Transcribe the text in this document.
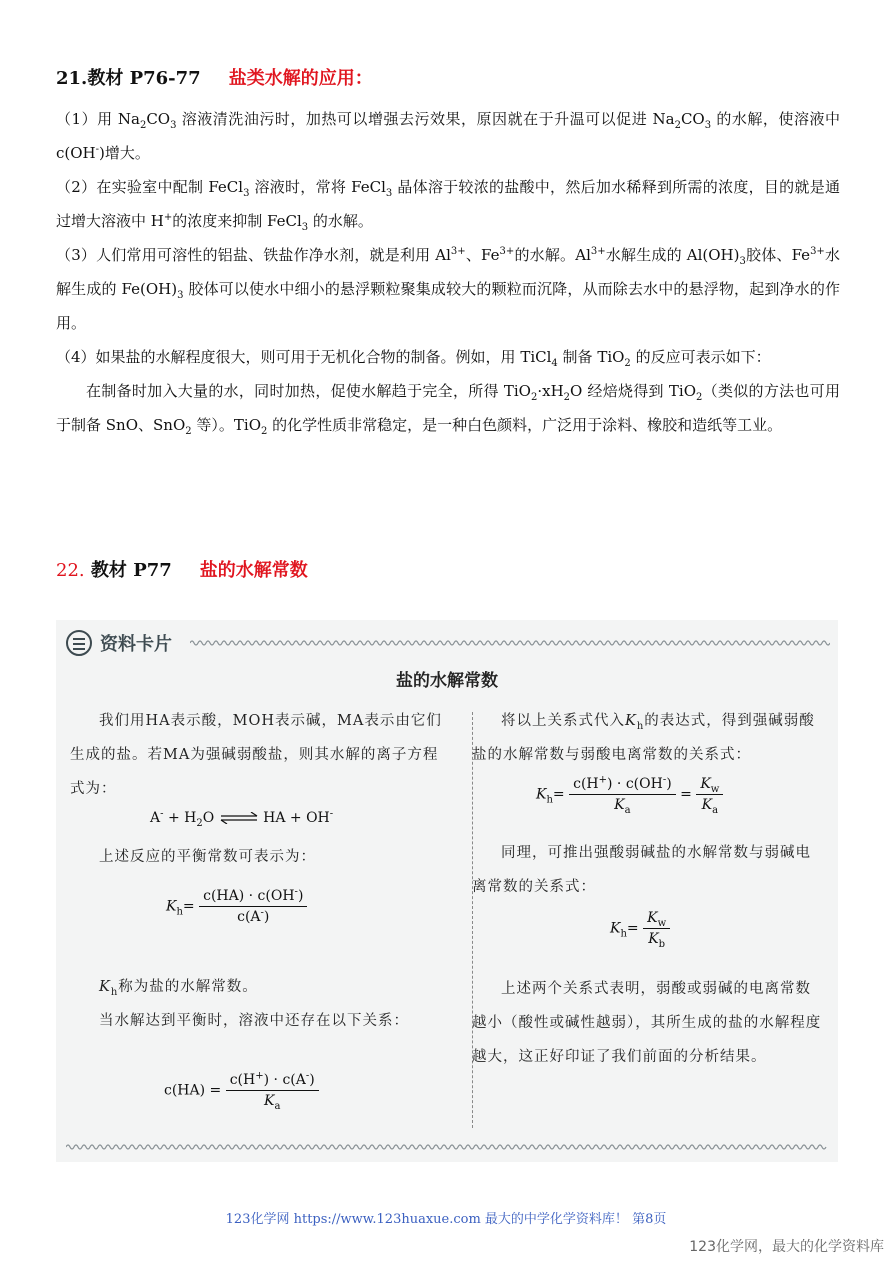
21.教材 P76-77 盐类水解的应用：

（1）用 $Na_2CO_3$ 溶液清洗油污时，加热可以增强去污效果，原因就在于升温可以促进 $Na_2CO_3$ 的水解，使溶液中 c(OH-)增大。

（2）在实验室中配制 FeCl$_3$ 溶液时，常将 FeCl$_3$ 晶体溶于较浓的盐酸中，然后加水稀释到所需的浓度，目的就是通过增大溶液中 H+的浓度来抑制 FeCl$_3$ 的水解。

（3）人们常用可溶性的铝盐、铁盐作净水剂，就是利用 $Al^{3+}$、$Fe^{3+}$的水解。$Al^{3+}$水解生成的 $Al(OH)_3$胶体、$Fe^{3+}$水解生成的 $Fe(OH)_3$ 胶体可以使水中细小的悬浮颗粒聚集成较大的颗粒而沉降，从而除去水中的悬浮物，起到净水的作用。

（4）如果盐的水解程度很大，则可用于无机化合物的制备。例如，用 TiCl$_4$ 制备 TiO$_2$ 的反应可表示如下：

在制备时加入大量的水，同时加热，促使水解趋于完全，所得 $TiO_2\cdot xH_2O$ 经焙烧得到 TiO$_2$（类似的方法也可用于制备 SnO、SnO$_2$ 等）。TiO$_2$ 的化学性质非常稳定，是一种白色颜料，广泛用于涂料、橡胶和造纸等工业。

22. 教材 P77 盐的水解常数
资料卡片
盐的水解常数

我们用HA表示酸，MOH表示碱，MA表示由它们生成的盐。若MA为强碱弱酸盐，则其水解的离子方程式为：

$A^- + H_2O$ ⇌ HA + OH-

上述反应的平衡常数可表示为：

$K_h= \frac{c(HA) \cdot c(OH^-)}{c(A^-)}$

$K_h$称为盐的水解常数。

当水解达到平衡时，溶液中还存在以下关系：

$c(HA) = \frac{c(H^+) \cdot c(A^-)}{K_a}$

将以上关系式代入$K_h$的表达式，得到强碱弱酸盐的水解常数与弱酸电离常数的关系式：

$K_h= \frac{c(H^+) \cdot c(OH^-)}{K_a} = \frac{K_w}{K_a}$

同理，可推出强酸弱碱盐的水解常数与弱碱电离常数的关系式：

$K_h= \frac{K_w}{K_b}$

上述两个关系式表明，弱酸或弱碱的电离常数越小（酸性或碱性越弱），其所生成的盐的水解程度越大，这正好印证了我们前面的分析结果。

123化学网 https://www.123huaxue.com 最大的中学化学资料库！ 第8页
123化学网，最大的化学资料库
